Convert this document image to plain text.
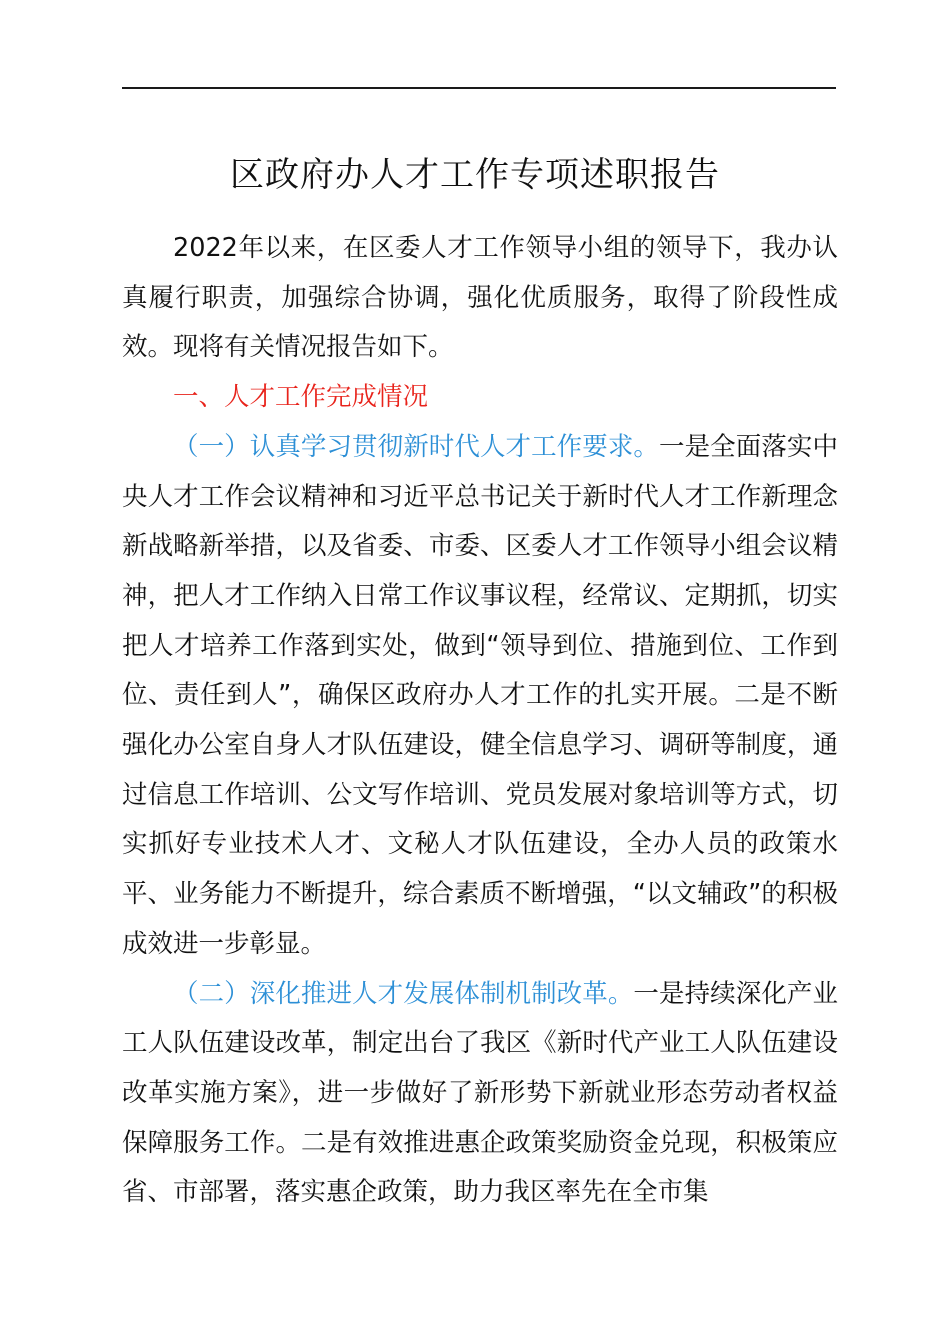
区政府办人才工作专项述职报告

2022年以来，在区委人才工作领导小组的领导下，我办认真履行职责，加强综合协调，强化优质服务，取得了阶段性成效。现将有关情况报告如下。

一、人才工作完成情况

（一）认真学习贯彻新时代人才工作要求。一是全面落实中央人才工作会议精神和习近平总书记关于新时代人才工作新理念新战略新举措，以及省委、市委、区委人才工作领导小组会议精神，把人才工作纳入日常工作议事议程，经常议、定期抓，切实把人才培养工作落到实处，做到“领导到位、措施到位、工作到位、责任到人”，确保区政府办人才工作的扎实开展。二是不断强化办公室自身人才队伍建设，健全信息学习、调研等制度，通过信息工作培训、公文写作培训、党员发展对象培训等方式，切实抓好专业技术人才、文秘人才队伍建设，全办人员的政策水平、业务能力不断提升，综合素质不断增强，“以文辅政”的积极成效进一步彰显。

（二）深化推进人才发展体制机制改革。一是持续深化产业工人队伍建设改革，制定出台了我区《新时代产业工人队伍建设改革实施方案》，进一步做好了新形势下新就业形态劳动者权益保障服务工作。二是有效推进惠企政策奖励资金兑现，积极策应省、市部署，落实惠企政策，助力我区率先在全市集
